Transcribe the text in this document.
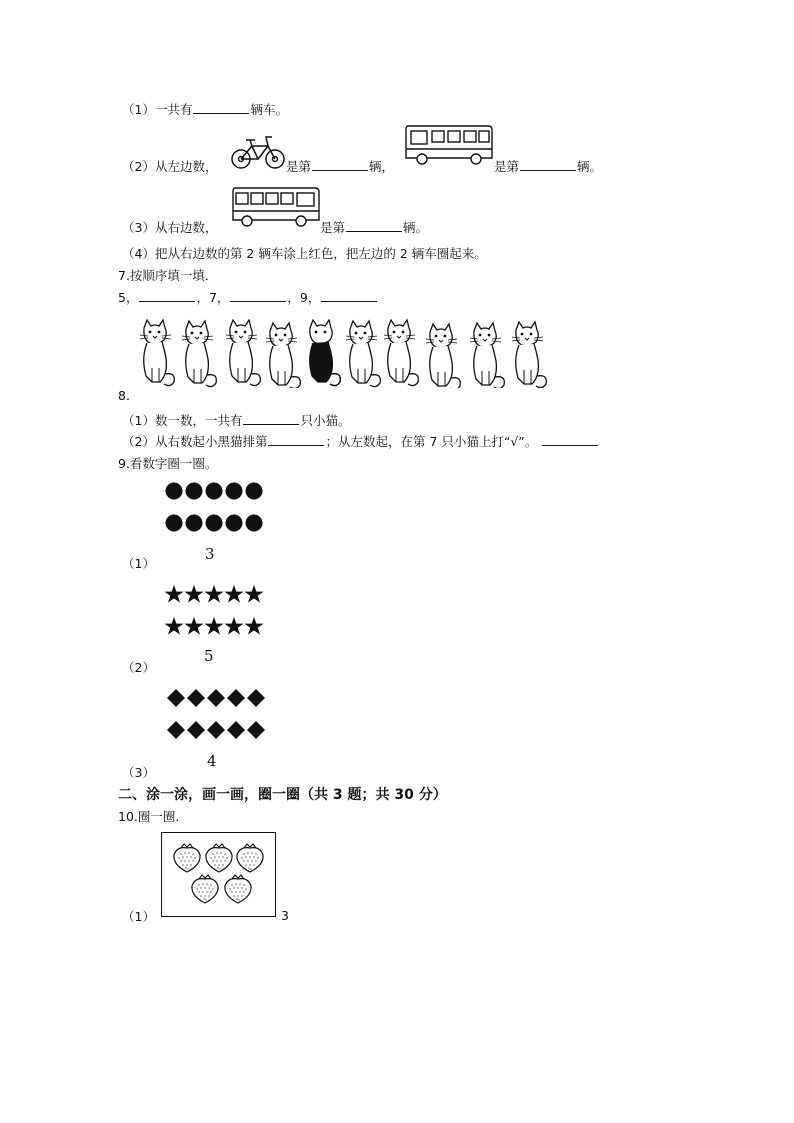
（1）一共有	辆车。
（2）从左边数，	是第	辆，	是第	辆。
（3）从右边数，	是第	辆。
（4）把从右边数的第 2 辆车涂上红色，把左边的 2 辆车圈起来。
7.按顺序填一填．
5，	，7，	，9，
8.
（1）数一数，一共有	只小猫。
（2）从右数起小黑猫排第	；从左数起，在第 7 只小猫上打“√”。
9.看数字圈一圈。
3
（1）
5
（2）
4
（3）
二、涂一涂，画一画，圈一圈（共 3 题；共 30 分）
10.圈一圈.
（1）	3
